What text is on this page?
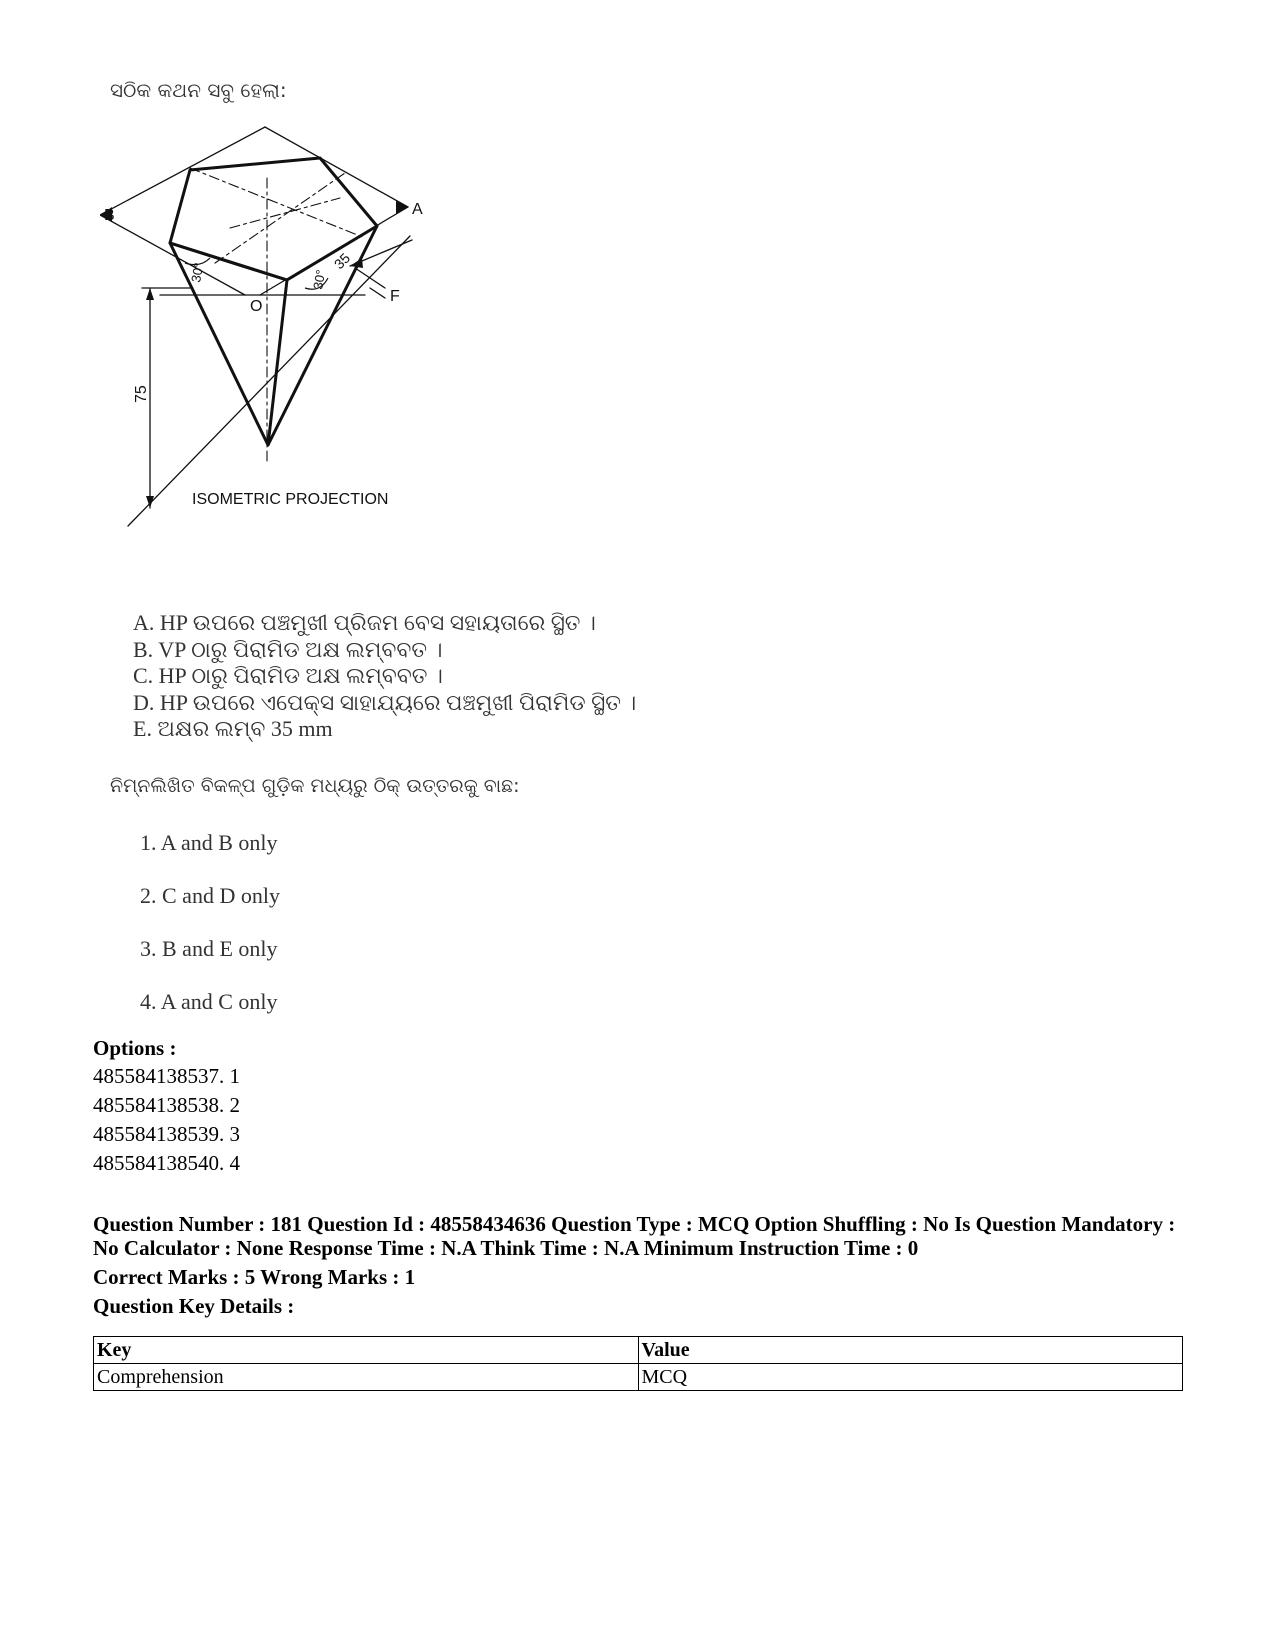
ସଠିକ କଥନ ସବୁ ହେଲା:
B	A
F
O
30°	30°
35
75
ISOMETRIC PROJECTION
A. HP ଉପରେ ପଞ୍ଚମୁଖୀ ପ୍ରିଜମ ବେସ ସହାୟତାରେ ସ୍ଥିତ ।
B. VP ଠାରୁ ପିରାମିଡ ଅକ୍ଷ ଲମ୍ବବତ ।
C. HP ଠାରୁ ପିରାମିଡ ଅକ୍ଷ ଲମ୍ବବତ ।
D. HP ଉପରେ ଏପେକ୍ସ ସାହାଯ୍ୟରେ ପଞ୍ଚମୁଖୀ ପିରାମିଡ ସ୍ଥିତ ।
E. ଅକ୍ଷର ଲମ୍ବ 35 mm
ନିମ୍ନଲିଖିତ ବିକଳ୍ପ ଗୁଡ଼ିକ ମଧ୍ୟରୁ ଠିକ୍ ଉତ୍ତରକୁ ବାଛ:
1. A and B only
2. C and D only
3. B and E only
4. A and C only
Options :
485584138537. 1
485584138538. 2
485584138539. 3
485584138540. 4
Question Number : 181 Question Id : 48558434636 Question Type : MCQ Option Shuffling : No Is Question Mandatory :
No Calculator : None Response Time : N.A Think Time : N.A Minimum Instruction Time : 0
Correct Marks : 5 Wrong Marks : 1
Question Key Details :
Key	Value
Comprehension	MCQ
